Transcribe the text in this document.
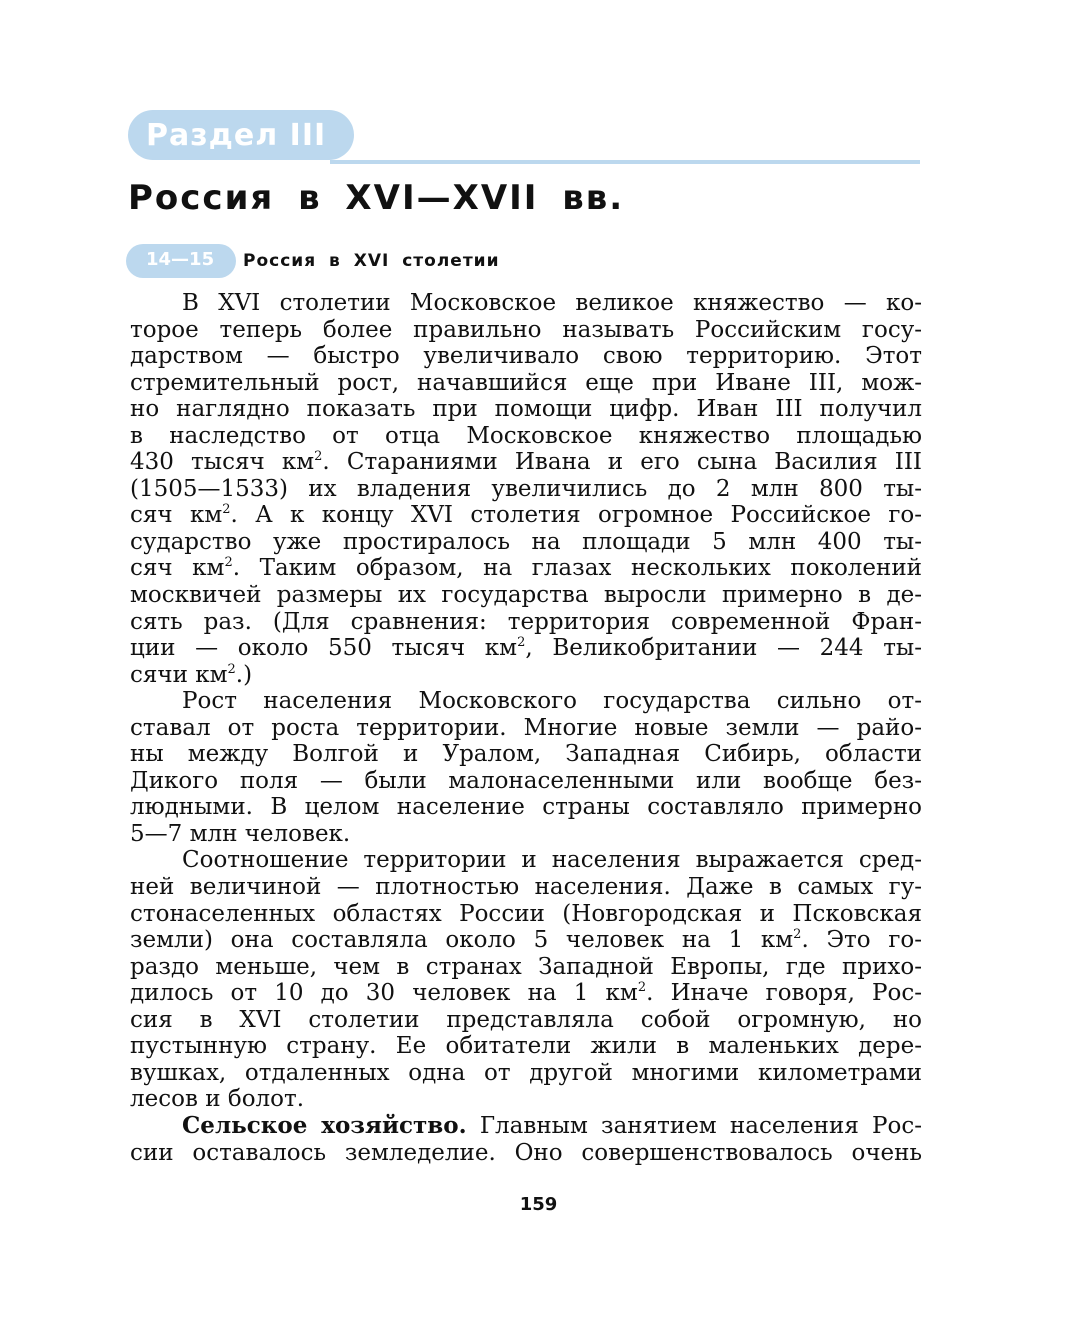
Раздел III
Россия в XVI—XVII вв.
14—15 Россия в XVI столетии
В XVI столетии Московское великое княжество — ко-
торое теперь более правильно называть Российским госу-
дарством — быстро увеличивало свою территорию. Этот
стремительный рост, начавшийся еще при Иване III, мож-
но наглядно показать при помощи цифр. Иван III получил
в наследство от отца Московское княжество площадью
430 тысяч $км^2$. Стараниями Ивана и его сына Василия III
(1505—1533) их владения увеличились до 2 млн 800 ты-
сяч $км^2$. А к концу XVI столетия огромное Российское го-
сударство уже простиралось на площади 5 млн 400 ты-
сяч $км^2$. Таким образом, на глазах нескольких поколений
москвичей размеры их государства выросли примерно в де-
сять раз. (Для сравнения: территория современной Фран-
ции — около 550 тысяч $км^2$, Великобритании — 244 ты-
сячи $км^2$.)
Рост населения Московского государства сильно от-
ставал от роста территории. Многие новые земли — райо-
ны между Волгой и Уралом, Западная Сибирь, области
Дикого поля — были малонаселенными или вообще без-
людными. В целом население страны составляло примерно
5—7 млн человек.
Соотношение территории и населения выражается сред-
ней величиной — плотностью населения. Даже в самых гу-
стонаселенных областях России (Новгородская и Псковская
земли) она составляла около 5 человек на 1 $км^2$. Это го-
раздо меньше, чем в странах Западной Европы, где прихо-
дилось от 10 до 30 человек на 1 $км^2$. Иначе говоря, Рос-
сия в XVI столетии представляла собой огромную, но
пустынную страну. Ее обитатели жили в маленьких дере-
вушках, отдаленных одна от другой многими километрами
лесов и болот.
Сельское хозяйство. Главным занятием населения Рос-
сии оставалось земледелие. Оно совершенствовалось очень
159
